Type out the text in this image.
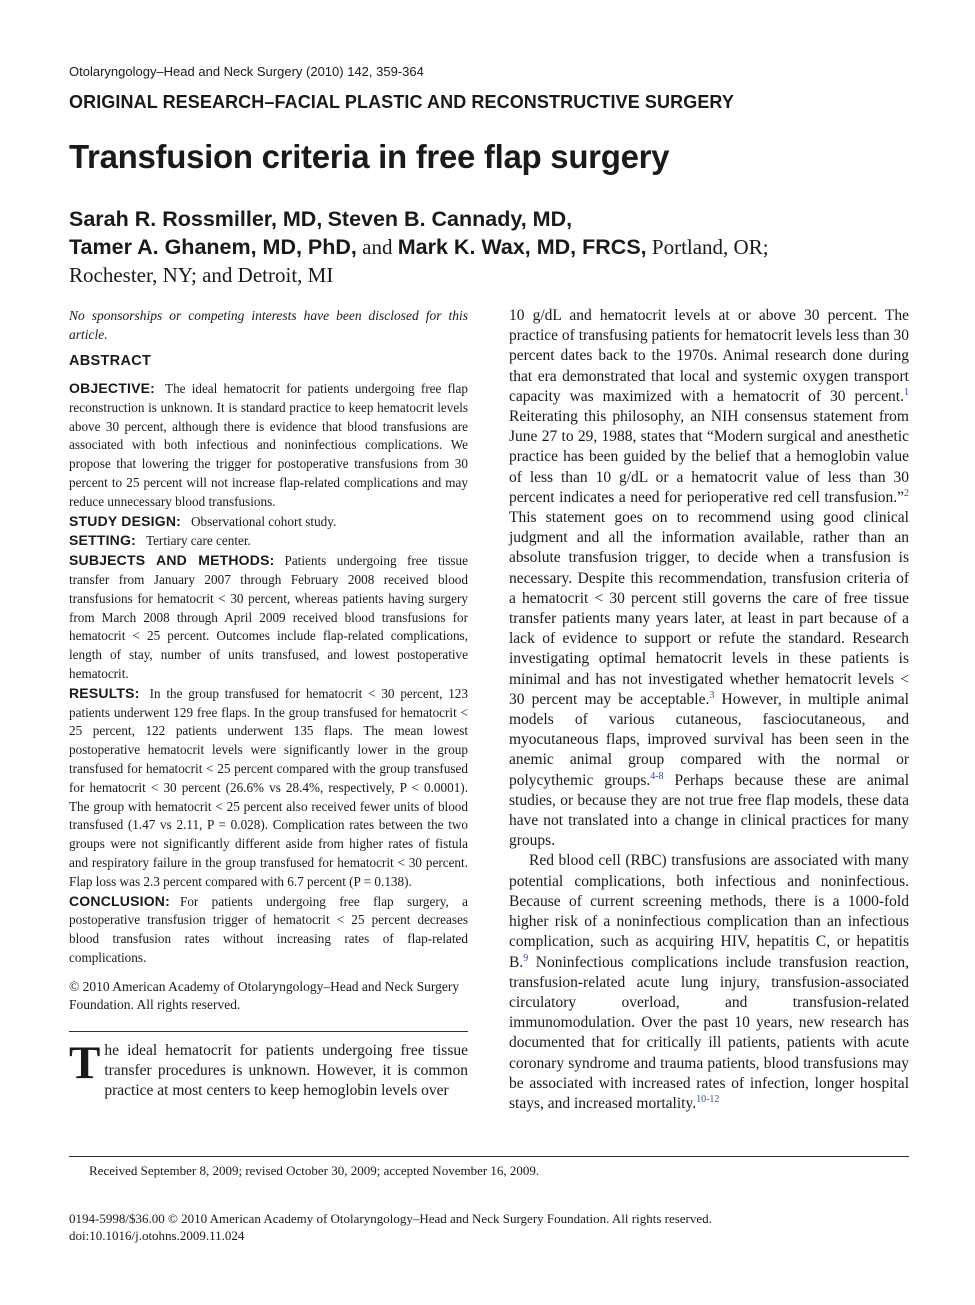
Otolaryngology–Head and Neck Surgery (2010) 142, 359-364
ORIGINAL RESEARCH–FACIAL PLASTIC AND RECONSTRUCTIVE SURGERY
Transfusion criteria in free flap surgery
Sarah R. Rossmiller, MD, Steven B. Cannady, MD,
Tamer A. Ghanem, MD, PhD, and Mark K. Wax, MD, FRCS, Portland, OR;
Rochester, NY; and Detroit, MI

No sponsorships or competing interests have been disclosed for this article.

ABSTRACT

OBJECTIVE: The ideal hematocrit for patients undergoing free flap reconstruction is unknown. It is standard practice to keep hematocrit levels above 30 percent, although there is evidence that blood transfusions are associated with both infectious and noninfectious complications. We propose that lowering the trigger for postoperative transfusions from 30 percent to 25 percent will not increase flap-related complications and may reduce unnecessary blood transfusions.

STUDY DESIGN: Observational cohort study.

SETTING: Tertiary care center.

SUBJECTS AND METHODS: Patients undergoing free tissue transfer from January 2007 through February 2008 received blood transfusions for hematocrit < 30 percent, whereas patients having surgery from March 2008 through April 2009 received blood transfusions for hematocrit < 25 percent. Outcomes include flap-related complications, length of stay, number of units transfused, and lowest postoperative hematocrit.

RESULTS: In the group transfused for hematocrit < 30 percent, 123 patients underwent 129 free flaps. In the group transfused for hematocrit < 25 percent, 122 patients underwent 135 flaps. The mean lowest postoperative hematocrit levels were significantly lower in the group transfused for hematocrit < 25 percent compared with the group transfused for hematocrit < 30 percent (26.6% vs 28.4%, respectively, P < 0.0001). The group with hematocrit < 25 percent also received fewer units of blood transfused (1.47 vs 2.11, P = 0.028). Complication rates between the two groups were not significantly different aside from higher rates of fistula and respiratory failure in the group transfused for hematocrit < 30 percent. Flap loss was 2.3 percent compared with 6.7 percent (P = 0.138).

CONCLUSION: For patients undergoing free flap surgery, a postoperative transfusion trigger of hematocrit < 25 percent decreases blood transfusion rates without increasing rates of flap-related complications.

© 2010 American Academy of Otolaryngology–Head and Neck Surgery Foundation. All rights reserved.

The ideal hematocrit for patients undergoing free tissue transfer procedures is unknown. However, it is common practice at most centers to keep hemoglobin levels over

10 g/dL and hematocrit levels at or above 30 percent. The practice of transfusing patients for hematocrit levels less than 30 percent dates back to the 1970s. Animal research done during that era demonstrated that local and systemic oxygen transport capacity was maximized with a hematocrit of 30 percent.$^1$ Reiterating this philosophy, an NIH consensus statement from June 27 to 29, 1988, states that “Modern surgical and anesthetic practice has been guided by the belief that a hemoglobin value of less than 10 g/dL or a hematocrit value of less than 30 percent indicates a need for perioperative red cell transfusion.”$^2$ This statement goes on to recommend using good clinical judgment and all the information available, rather than an absolute transfusion trigger, to decide when a transfusion is necessary. Despite this recommendation, transfusion criteria of a hematocrit < 30 percent still governs the care of free tissue transfer patients many years later, at least in part because of a lack of evidence to support or refute the standard. Research investigating optimal hematocrit levels in these patients is minimal and has not investigated whether hematocrit levels < 30 percent may be acceptable.$^3$ However, in multiple animal models of various cutaneous, fasciocutaneous, and myocutaneous flaps, improved survival has been seen in the anemic animal group compared with the normal or polycythemic groups.$^{4-8}$ Perhaps because these are animal studies, or because they are not true free flap models, these data have not translated into a change in clinical practices for many groups.

Red blood cell (RBC) transfusions are associated with many potential complications, both infectious and noninfectious. Because of current screening methods, there is a 1000-fold higher risk of a noninfectious complication than an infectious complication, such as acquiring HIV, hepatitis C, or hepatitis B.$^9$ Noninfectious complications include transfusion reaction, transfusion-related acute lung injury, transfusion-associated circulatory overload, and transfusion-related immunomodulation. Over the past 10 years, new research has documented that for critically ill patients, patients with acute coronary syndrome and trauma patients, blood transfusions may be associated with increased rates of infection, longer hospital stays, and increased mortality.$^{10-12}$

Received September 8, 2009; revised October 30, 2009; accepted November 16, 2009.
0194-5998/$36.00 © 2010 American Academy of Otolaryngology–Head and Neck Surgery Foundation. All rights reserved.
doi:10.1016/j.otohns.2009.11.024
